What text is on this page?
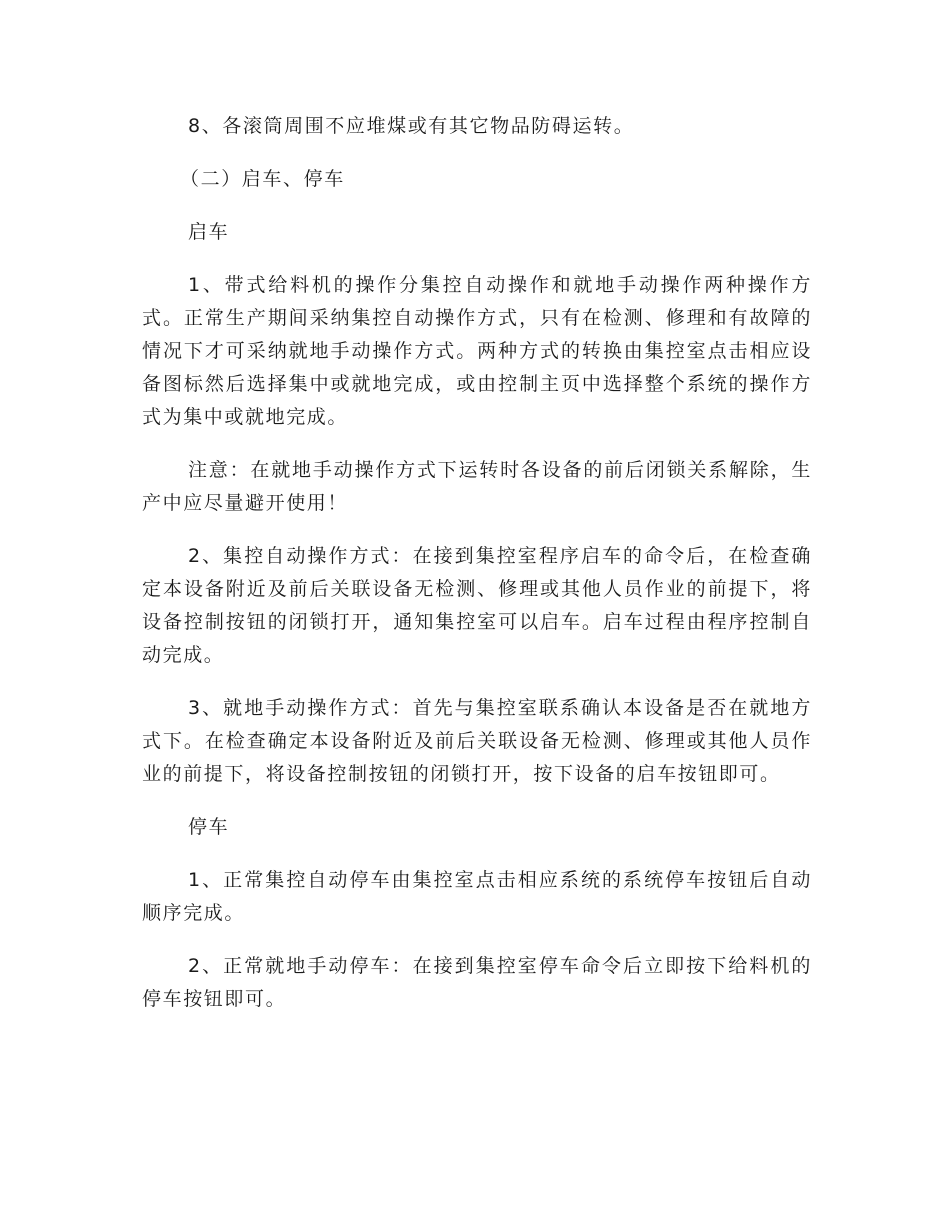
8、各滚筒周围不应堆煤或有其它物品防碍运转。

（二）启车、停车

启车

1、带式给料机的操作分集控自动操作和就地手动操作两种操作方式。正常生产期间采纳集控自动操作方式，只有在检测、修理和有故障的情况下才可采纳就地手动操作方式。两种方式的转换由集控室点击相应设备图标然后选择集中或就地完成，或由控制主页中选择整个系统的操作方式为集中或就地完成。

注意：在就地手动操作方式下运转时各设备的前后闭锁关系解除，生产中应尽量避开使用！

2、集控自动操作方式：在接到集控室程序启车的命令后，在检查确定本设备附近及前后关联设备无检测、修理或其他人员作业的前提下，将设备控制按钮的闭锁打开，通知集控室可以启车。启车过程由程序控制自动完成。

3、就地手动操作方式：首先与集控室联系确认本设备是否在就地方式下。在检查确定本设备附近及前后关联设备无检测、修理或其他人员作业的前提下，将设备控制按钮的闭锁打开，按下设备的启车按钮即可。

停车

1、正常集控自动停车由集控室点击相应系统的系统停车按钮后自动顺序完成。

2、正常就地手动停车：在接到集控室停车命令后立即按下给料机的停车按钮即可。
